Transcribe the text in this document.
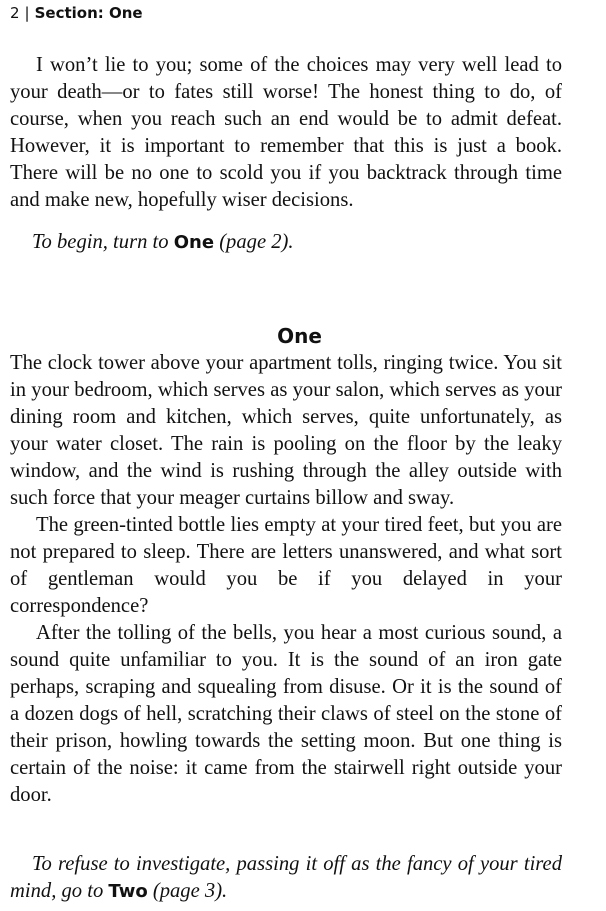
2 | Section: One

I won’t lie to you; some of the choices may very well lead to your death—or to fates still worse! The honest thing to do, of course, when you reach such an end would be to admit defeat. However, it is important to remember that this is just a book. There will be no one to scold you if you backtrack through time and make new, hopefully wiser decisions.

To begin, turn to One (page 2).
One

The clock tower above your apartment tolls, ringing twice. You sit in your bedroom, which serves as your salon, which serves as your dining room and kitchen, which serves, quite unfortunately, as your water closet. The rain is pooling on the floor by the leaky window, and the wind is rushing through the alley outside with such force that your meager curtains billow and sway.

The green-tinted bottle lies empty at your tired feet, but you are not prepared to sleep. There are letters unanswered, and what sort of gentleman would you be if you delayed in your correspondence?

After the tolling of the bells, you hear a most curious sound, a sound quite unfamiliar to you. It is the sound of an iron gate perhaps, scraping and squealing from disuse. Or it is the sound of a dozen dogs of hell, scratching their claws of steel on the stone of their prison, howling towards the setting moon. But one thing is certain of the noise: it came from the stairwell right outside your door.

To refuse to investigate, passing it off as the fancy of your tired mind, go to Two (page 3).
